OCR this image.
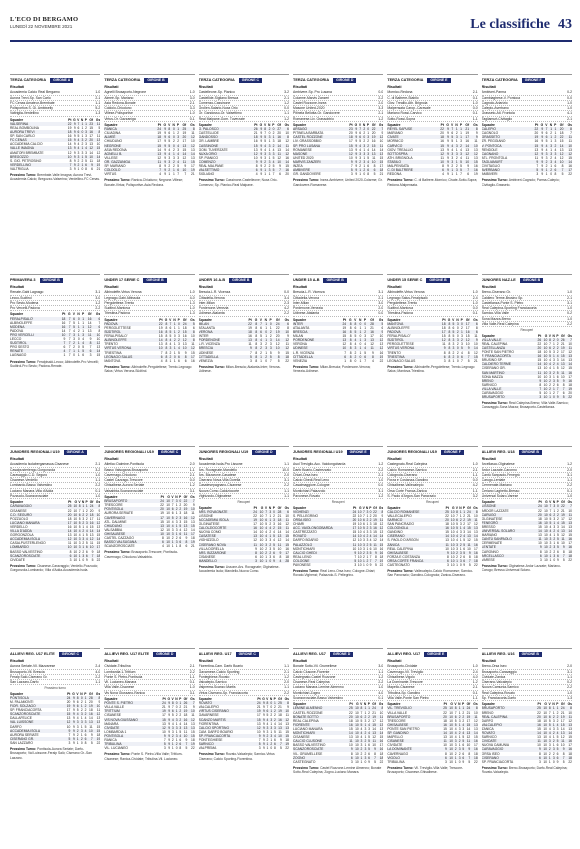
L'ECO DI BERGAMO
LUNEDÌ 22 NOVEMBRE 2021	Le classifiche 43
TERZA CATEGORIA	GIRONE A
Risultati
Accademia Calcio Real Bergamo	1-0
Aurora Trevi-Sp. San Carlo	2-1
FC Cenas Amateur-Brembate	1-1
Polisportiva S. Gi. Ambiwelly	5-2
Valtriglia-Verdellino	1-3
Squadre	Pt	G	V	N	P	Gf	Gs
VALSERINA	22	9	7	1	1	23	11
REAL BOMBOLINA	19	9	6	1	2	15	5
AURORA TREVI	18	9	6	0	3	16	8
SP. SAN CARLO	16	9	5	1	3	17	11
FC CENAS	15	9	4	3	2	20	13
ACCADEMIA CALCIO	14	9	4	2	3	13	10
VALLE IMAGNA	13	9	4	1	4	12	15
AMATORI BREMBATE	12	9	3	3	3	14	12
BREGOZZO	10	9	3	1	5	10	14
S. GIO. PETROSINO	8	9	2	2	5	11	18
VERDELLINO	7	9	2	1	6	9	19
VALTRIGLIA	3	9	1	0	8	6	21
Prossimo Turno: Brembate-Valle Imagna; Aurora Trevi-Accademia Calcio; Bregozzo-Valserina; Verdellino-FC Cenas.
TERZA CATEGORIA	GIRONE B
Risultati
Agnelli Brusaporto-Negrone	1-0
Almeè-Sp. Mariano	3-0
Asia Redona-Bonate	2-1
Coldolo-Chiuduno	3-3
Villese-Polisportive	1-0
Virtus-Or. Gazzaniga	0-1
Squadre	Pt	G	V	N	P	Gf	Gs
RANICA	24	9	8	0	1	25	8
CILIADINA	19	9	6	1	2	19	11
ALMEÈ	18	9	6	0	3	20	12
CHIUDUNO	17	9	5	2	2	17	10
NEGRONE	15	9	5	0	4	13	12
ASIA REDONA	14	9	4	2	3	15	13
AGNELLI B.	13	9	4	1	4	14	14
VILLESE	12	9	3	3	3	12	13
OR. GAZZANIGA	11	9	3	2	4	11	15
SP. MARIANO	8	9	2	2	5	9	17
COLDOLO	7	9	2	1	6	10	19
VIRTUS	4	9	1	1	7	7	21
Prossimo Turno: Ranica-Chiuduno; Negrone-Villese; Bonate-Virtus; Polisportive-Asia Redona.
TERZA CATEGORIA	GIRONE C
Risultati
Castelleone-Sp. Pianico	3-2
Castellide-Sigliano Bresca	2-1
Comenzo-Cassinone	1-2
Grollen-Salario-Nuxa Orio	0-0
Or. Gandosso-Or. Valsettimo	1-1
Real Malpane-Gom. Tuverzate	1-2
Squadre	Pt	G	V	N	P	Gf	Gs
O. PALOSCO	26	9	8	2	0	27	6
CASTELLIDE	21	9	7	0	2	20	10
GANDOSSO	18	9	5	3	1	16	8
OR. LAMBRE	16	9	5	1	3	18	12
CASSINONE	15	9	4	3	2	14	11
GOM. TUVERZATE	13	9	4	1	4	13	14
NUXA ORIO	12	9	3	3	3	11	12
SP. PIANICO	10	9	3	1	5	12	16
COMENZO	9	9	2	3	4	10	14
REAL MALPANE	8	9	2	2	5	9	15
VALSETTIMO	6	9	1	3	5	7	16
SIGLIANO	4	9	1	1	7	6	20
Prossimo Turno: Cassinone-Castelleone; Nuxa Orio-Comenzo; Sp. Pianico-Real Malpane.
TERZA CATEGORIA	GIRONE D
Risultati
Ambivere-Sp. Pro Lusana	0-0
Colarme-Marvis Zanzeri	2-2
Castel Rozzone-Inzea	2-0
Masone United-2020	3-3
Pitinela Bellotta-Gr. Gandovere	2-1
Romanese-Liv. Grassobbio	1-2
Squadre	Pt	G	V	N	P	Gf	Gs
ARSAGO	23	9	7	2	0	22	7
PITINELA BARBATA	20	9	6	2	1	20	9
CASTEL ROZZONE	18	9	6	0	3	19	12
LIV. GRASSOBBIO	17	9	5	2	2	16	10
SP. PRO LUSANA	15	9	4	3	2	15	11
ROMANESE	13	9	4	1	4	14	14
MASONE	12	9	3	3	3	13	13
UNITED 2020	10	9	3	1	5	11	15
MARVIS ZANZERI	9	9	2	3	4	10	15
INZEA	7	9	2	1	6	8	17
AMBIVERE	5	9	1	2	6	6	18
GR. GANDOVERE	3	9	1	0	8	5	21
Prossimo Turno: Inzea-Ambivere; United 2020-Colarme; Gr. Gandovere-Romanese.
TERZA CATEGORIA	GIRONE E
Risultati
Mornico-Redona	2-1
C. di Baltrere-Stabilo	0-1
Giov. Treallio-Ath. Brignola	1-0
Malpensata Carop.-Caravale	0-0
Mariano Rossi-Carvico	0-1
Sotto-Rossi-Sopra	1-1
Squadre	Pt	G	V	N	P	Gf	Gs
REYEL SAPUSE	22	9	7	1	1	21	8
MARIANO	20	9	6	2	1	19	9
CIVATE	18	9	5	3	1	17	9
MORNICO	16	9	5	1	3	16	11
CARVICO	15	9	4	3	2	14	10
GIOV. TREALLIO	13	9	4	1	4	13	13
SOTTOSPRA	12	9	3	3	3	12	12
ATH. BRIGNOLA	11	9	3	2	4	11	13
STABILO	10	9	3	1	5	10	15
MALPENSATA	8	9	2	2	5	9	16
C. DI BALTRERE	6	9	1	3	5	7	16
REDONA	4	9	1	1	7	6	19
Prossimo Turno: C. di Baltrere-Mornico; Civate-Sotto-Sopra; Redona-Malpensata.
TERZA CATEGORIA	GIRONE F
Risultati
Ambiveri-Parma	0-2
Cambiaghese-V. Pontoca	0-0
Cagnolo-Ariarizio	1-0
Calepio-Averbano	1-0
Grasseto-Atl. Frontola	4-1
Tagliamurt-Civitaglio	2-1
Squadre	Pt	G	V	N	P	Gf	Gs
CALEPIO	22	9	7	1	1	20	8
CAGNOLO	20	9	6	2	1	18	7
GRASSETO	19	9	6	1	2	22	11
ZR. PEGGIANO	16	9	5	1	3	15	11
V. PONTOCA	15	9	4	3	2	14	10
RENDOLE	13	9	4	1	4	13	13
CAGNANO	12	9	3	3	3	12	12
ATL. FRONTOLA	11	9	3	2	4	12	15
TAGLIAMURT	9	9	2	3	4	10	14
CIVITAGLIO	7	9	2	1	6	8	16
AVERBANO	5	9	1	2	6	7	17
AMBIVERI	3	9	1	0	8	5	22
Prossimo Turno: Ambiveri-Cagnolo; Parma-Calepio; Civitaglio-Grasseto.
PRIMAVERA 3	GIRONE B
Risultati
Renate-Gabi Lagnago	3-1
Lecco-Sudtirol	3-0
Pro Sesto-Modena	1-2
Pro Vercelli-Padova	2-2
Squadre	Pt	G	V	N	P	Gf	Gs
FERALPISALO'	18	7	6	0	1	16	6
ALBINOLEFFE	16	7	5	1	1	14	7
MODENA	16	7	5	1	1	12	6
PADOVA	14	7	4	2	1	13	8
PRO VERCELLI	10	7	3	1	3	11	10
LECCO	9	7	3	0	4	9	10
SUDTIROL	7	7	2	1	4	8	12
PRO SESTO	6	7	2	0	5	7	13
RENATE	4	7	1	1	5	6	14
LAGNAGO	1	7	0	1	6	3	15
Prossimo Turno: Feralpisalò-Lecco; Albinoleffe-Pro Vercelli; Sudtirol-Pro Sesto; Padova-Renate.
UNDER 17 SERIE C	GIRONE B
Risultati
Albinoleffe-Virtus Verona	1-0
Legnago-Gabi Albissola	4-0
Pergolettese-Trento	1-3
Sudtirol-Mantova	1-0
Triestina-Padova	1-3
Squadre	Pt	G	V	N	P	Gf	Gs
PADOVA	22	8	7	1	0	24	5
PERGOLETTESE	19	8	6	1	1	18	6
SÜDTIROL	16	8	5	1	2	15	8
FERALPISALO'	15	8	5	0	3	16	10
ALBINOLEFFE	14	8	4	2	2	12	8
TRENTO	13	8	4	1	3	13	11
VIRTUS VERONA	10	8	3	1	4	10	12
TRIESTINA	7	8	2	1	5	9	15
LEGNAGO SALUS	6	8	2	0	6	8	17
MANTOVA	4	8	1	1	6	6	16
Prossimo Turno: Albinoleffe-Pergolettese; Trento-Legnago Salus; Virtus Verona-Südtirol.
UNDER 16 A-B	GIRONE B
Risultati
Brescia-L.R. Vicenza	0-0
Cittadella-Verona	3-4
Inter-Milan	2-3
Pordenone-Venezia	4-2
Udinese-Atalanta	2-2
Squadre	Pt	G	V	N	P	Gf	Gs
MILAN	22	8	7	1	0	24	6
ATALANTA	19	8	6	1	1	22	8
VERONA	18	8	6	0	2	19	10
INTER	16	8	5	1	2	20	9
PORDENONE	13	8	4	1	3	14	12
L.R. VICENZA	11	8	3	2	3	12	11
BRESCIA	9	8	2	3	3	10	12
UDINESE	7	8	2	1	5	9	15
CITTADELLA	5	8	1	2	5	8	18
VENEZIA	3	8	1	0	7	5	22
Prossimo Turno: Milan-Brescia; Atalanta-Inter; Verona-Udinese.
UNDER 15 A-B	GIRONE B
Risultati
Brescia-L.R. Vicenza	3-1
Cittadella-Verona	2-1
Inter-Milan	3-0
Pordenone-Venezia	2-0
Udinese-Atalanta	0-0
Squadre	Pt	G	V	N	P	Gf	Gs
INTER	24	8	8	0	0	28	5
ATALANTA	19	8	6	1	1	21	6
BRESCIA	16	8	5	1	2	16	9
MILAN	15	8	5	0	3	17	10
PORDENONE	13	8	4	1	3	13	12
VERONA	12	8	4	0	4	12	13
UDINESE	10	8	3	1	4	11	12
L.R. VICENZA	7	8	2	1	5	9	16
CITTADELLA	6	8	2	0	6	8	19
VENEZIA	1	8	0	1	7	4	22
Prossimo Turno: Milan-Brescia; Pordenone-Verona; Venezia-Udinese.
UNDER 15 SERIE C	GIRONE B
Risultati
Albinoleffe-Virtus Verona	1-0
Legnago Salus-Feralpisalò	2-4
Pergolettese-Trento	1-0
Sudtirol-Mantova	0-0
Triestina-Padova	0-1
Squadre	Pt	G	V	N	P	Gf	Gs
MANTOVA	18	8	5	3	0	17	6
ALBINOLEFFE	18	8	6	0	2	17	8
PADOVA	17	8	5	2	1	16	6
FERALPISALO'	15	8	5	0	3	15	11
SÜDTIROL	12	8	3	3	2	12	9
PERGOLETTESE	11	8	3	2	3	10	10
VIRTUS VERONA	9	8	3	0	5	9	14
TRENTO	8	8	2	2	4	8	12
TRIESTINA	6	8	2	0	6	7	15
LEGNAGO SALUS	3	8	1	0	7	5	21
Prossimo Turno: Albinoleffe-Pergolettese; Trento-Legnago Salus; Mantova-Triestina.
JUNIORES NAZ.LE	GIRONE B
Risultati
Breno-Ciserano Gr.	1-0
Caldiero Terme-Brusino Sp.	2-1
Castellanza-Ponte S. Pietro	3-1
Real Calepina-Sporting Franciacorta	1-0
Sarnico-Villa Valle	0-2
Sona Mazza-Breno	1-0
Villa Valle-Real Calepina	2-2
Recuperi
Squadre	Pt	G	V	N	P	Gf	Gs
VILLA VALLE	26	10	8	2	0	26	7
REAL CALEPINA	22	10	7	1	2	21	10
CASTELLANZA	20	10	6	2	2	19	11
PONTE SAN PIETRO	18	10	5	3	2	17	12
F. FRANCIACORTA	16	10	5	1	4	15	13
BRUSINO SP.	15	10	4	3	3	14	13
CALDIERO TERME	14	10	4	2	4	13	14
CISERANO GR.	13	10	4	1	5	12	15
SAN MARTINO	11	10	3	2	5	11	16
SONA MAZZA	10	10	3	1	6	10	17
BRENO	9	10	2	3	5	9	16
SARNICO	8	10	2	2	6	8	18
VILLA VALLE	7	10	2	1	7	7	19
CARAVAGGIO	5	10	1	2	7	6	20
BRUSAPORTO	3	10	1	0	9	5	22
Prossimo Turno: Real Calepina-Breno; Villa Valle-Sarnico; Caravaggio-Sona Mazza; Brusaporto-Castellanza.
JUNIORES REGIONALI U19	GIRONE A
Risultati
Accademia Isolabergamasca-Cisanese	2-1
Casalpusterlengo-Gorgonzola	3-2
Caravaggio-C.D. Seguro	1-0
Cisanese-Verdello	1-1
Lombardo-Basso Valvestino	2-2
Luciano Manara-Villa d'Adda	0-1
Pozzuolo-Scanzorosciate	1-0
Squadre	Pt	G	V	N	P	Gf	Gs
CARAVAGGIO	25	10	8	1	1	24	8
CISANESE	22	10	7	1	2	20	9
C.D. SEGURO	20	10	6	2	2	18	10
POZZUOLO	18	10	5	3	2	17	11
LUCIANO MANARA	17	10	5	2	3	16	12
VERDELLO	16	10	5	1	4	15	13
VILLA D'ADDA	14	10	4	2	4	14	14
GORGONZOLA	13	10	4	1	5	13	15
ACCADEMIA ISOLA	12	10	3	3	4	12	14
CASALPUSTERLENGO	11	10	3	2	5	11	15
LOMBARDO	10	10	3	1	6	10	17
BASSO VALVESTINO	8	10	2	2	6	9	18
SCANZOROSCIATE	6	10	1	3	6	7	18
CIVIDATE	3	10	1	0	9	5	22
Prossimo Turno: Cisanese-Caravaggio; Verdello-Pozzuolo; Gorgonzola-Lombardo; Villa d'Adda-Accademia Isola.
JUNIORES REGIONALI U19	GIRONE C
Risultati
Atletico Dalmine-Pontisola	2-0
Basso Valsugana-Brusaporto	1-1
Cavernago-Chiuduno	2-1
Castel Cazzago-Trescore	0-0
Ghisalbese-Aurora Seriate	1-2
Valsabbia-Scanzorosciate	3-1
Squadre	Pt	G	V	N	P	Gf	Gs
BRUSAPORTO	24	10	7	3	0	22	7
TRESCORE	22	10	7	1	2	20	9
PONTISOLA	20	10	6	2	2	19	10
AURORA SERIATE	19	10	6	1	3	18	11
CAVERNAGO	17	10	5	2	3	16	12
ATL. DALMINE	15	10	4	3	3	15	13
CHIUDUNO	13	10	4	1	5	13	15
VALSABBIA	12	10	3	3	4	12	14
GHISALBESE	10	10	3	1	6	11	17
CASTEL CAZZAGO	8	10	2	2	6	9	18
BASSO VALSUGANA	6	10	1	3	6	8	19
SCANZOROSCIATE	4	10	1	1	8	6	21
Prossimo Turno: Brusaporto-Trescore; Pontisola-Cavernago; Chiuduno-Valsabbia.
JUNIORES REGIONALI U19	GIRONE D
Risultati
Accademia Isola-Pro Lissone	1-1
Ars. Rovagnate-Mandello	10-0
Ars. Bizzarone-Casatese	2-0
Ciserano Nova-Villa Dorella	3-1
Casatesepagnano-Cisanese	2-2
Nuova Como-Calolziocorte	1-1
Vighizzolo-Olginatese	1-1
Recuperi
Squadre	Pt	G	V	N	P	Gf	Gs
ARS. ROVAGNATE	24	10	7	3	0	28	6
LISSONE	22	10	7	1	2	21	10
ACCADEMIA ISOLA	19	10	6	1	3	18	11
OLGINATESE	17	10	5	2	3	16	12
CALOLZIOCORTE	16	10	4	4	2	15	11
NUOVA COMO	14	10	4	2	4	14	14
CASATESE	13	10	4	1	5	13	15
VIGHIZZOLO	12	10	3	3	4	12	14
CISERANO NOVA	11	10	3	2	5	11	15
VILLA DORELLA	9	10	2	3	5	10	16
ARS. BIZZARONE	8	10	2	2	6	9	17
CISANESE	6	10	1	3	6	8	18
MANDELLO	3	10	1	0	9	4	28
Prossimo Turno: Lissone-Ars. Rovagnate; Olginatese-Accademia Isola; Mandello-Nuova Como.
JUNIORES REGIONALI U19	GIRONE E
Risultati
Asol Treviglio-Acc. Vaiolongobarda	1-2
Darfo Boario-Castrezzato	2-2
Chiari-Orsa Iseo	2-1
Calcio Ghedi-Real Leno	1-0
Casalmaggiore-Cologne	0-0
Montichiari-Palazzolo	3-1
Pavonese-Rovato	1-2
Recuperi
Squadre	Pt	G	V	N	P	Gf	Gs
VIGHENZI	24	10	7	3	0	22	8
S. PELLEGRINO	22	10	7	1	2	20	9
ORSA ISEO	20	10	6	2	2	19	11
CHIARI	19	10	6	1	3	18	12
ACC. VAIOLONGOBARDA	17	10	5	2	3	16	12
CASTREZZATO	15	10	4	3	3	15	13
ROVATO	14	10	4	2	4	14	14
DARFO BOARIO	12	10	3	3	4	12	14
PALAZZOLO	11	10	3	2	5	11	15
MONTICHIARI	10	10	3	1	6	10	16
CALCIO GHEDI	9	10	2	3	5	9	16
REAL LENO	7	10	2	1	7	8	18
COLOGNE	5	10	1	2	7	7	19
PAVONESE	3	10	1	0	9	5	22
Prossimo Turno: Real Leno-Orsa Iseo; Cologne-Chiari; Rovato-Vighenzi; Palazzolo-S. Pellegrino.
JUNIORES REGIONALI U19	GIRONE F
Risultati
Castegnato-Real Calepina	1-0
Calcio Romanese-Sarnico	2-1
Colognola-Ciserano	1-1
Forza e Costanza-Gandino	0-0
Ghisalbese-Vallecalepio	4-2
Orsa Corte Franca-Zanica	1-1
S. Paolo d'Argon-San Pancrazio	3-2
Recuperi
Squadre	Pt	G	V	N	P	Gf	Gs
CALCIO ROMANESE	25	10	8	1	1	24	8
VALLECALEPIO	22	10	7	1	2	21	10
SARNICO	20	10	6	2	2	19	11
SAN PANCRAZIO	18	10	5	3	2	17	12
COLOGNOLA	16	10	5	1	4	15	13
GANDINO	15	10	4	3	3	14	13
CISERANO	14	10	4	2	4	13	14
S. PAOLO D'ARGON	13	10	4	1	5	12	15
ZANICA	11	10	3	2	5	11	16
REAL CALEPINA	10	10	3	1	6	10	17
GHISALBESE	9	10	2	3	5	9	16
FORZA E COSTANZA	8	10	2	2	6	8	18
ORSA CORTE FRANCA	6	10	1	3	6	7	18
CASTEGNATO	3	10	1	0	9	5	22
Prossimo Turno: Vallecalepio-Calcio Romanese; Sarnico-San Pancrazio; Gandino-Colognola; Zanica-Ciserano.
ALLIEVI REG. U18	GIRONE B
Risultati
Arcellasco-Olginatese	1-2
Ardor Lazzate-Caronno	2-0
Cantù Sanpaolo-Fenegrò	3-1
Carugo-Lentate	1-1
Cermenate-Mariano	2-2
Ceriano Laghetto-Bresso	0-1
Universal Solaro-Varese	1-0
Squadre	Pt	G	V	N	P	Gf	Gs
LISSONE	24	10	7	3	0	22	7
ARDOR LAZZATE	22	10	7	1	2	21	10
CARUGO	20	10	6	2	2	19	11
OLGINATESE	18	10	5	3	2	17	12
FENEGRÒ	16	10	5	1	4	15	13
BRESSO	15	10	4	3	3	14	13
UNIVERSAL SOLARO	14	10	4	2	4	13	14
MARIANO	13	10	4	1	5	12	15
CANTÙ SANPAOLO	11	10	3	2	5	11	16
CERMENATE	10	10	3	1	6	10	17
LENTATE	9	10	2	3	5	9	16
CARONNO	8	10	2	2	6	8	18
ARCELLASCO	6	10	1	3	6	7	18
VARESE	3	10	1	0	9	5	22
Prossimo Turno: Olginatese-Ardor Lazzate; Mariano-Carugo; Bresso-Universal Solaro.
ALLIEVI REG. U17 ELITE	GIRONE C
Risultati
Aurora Seriate-Vil. Mazzarese	2-4
Brusaporto-Vil. Brescia	4-0
Feralp Salò-Ciserano Gr.	2-2
San Lazzaro-Darfo	1-1
Prossimo turno
Squadre	Pt	G	V	N	P	Gf	Gs
PONTISOLA	24	9	8	0	1	28	8
M. PALAMONTI	20	9	6	2	1	20	9
FIOR. SOLZAGO	19	9	6	1	2	19	10
SP. FRANCIACORTA	17	9	5	2	2	18	11
SCANZOROSCIATE	15	9	4	3	2	16	12
DALLAFELICE	13	9	4	1	4	14	13
VAL LUISSONE	12	9	3	3	3	13	13
DARFO	10	9	3	1	5	11	15
ACCADEMIA ISOLA	9	9	2	3	4	10	15
AURORA SERIATE	7	9	2	1	6	9	18
CISERANO GR.	5	9	1	2	6	7	19
SAN LAZZARO	3	9	1	0	8	5	22
Prossimo Turno: Pontisola-Aurora Seriate; Darfo-Brusaporto; Val Luissone-Feralp Salò; Ciserano Gr.-San Lazzaro.
ALLIEVI REG. U17 ELITE	GIRONE D
Risultati
Cividate-Tribulina	2-1
Lombardia 1-Trittium	2-2
Ponte S. Pietro-Pontisola	1-1
Vil. Lucianeo-Manara	0-1
Villa Valle-Cisanese	1-0
Vis Nova Giussano-Ranica	3-1
Squadre	Pt	G	V	N	P	Gf	Gs
PONTE S. PIETRO	24	9	8	0	1	26	7
VILLA VALLE	21	9	7	0	2	21	9
TRITTIUM	19	9	6	1	2	19	10
CISANESE	17	9	5	2	2	18	11
VIS NOVA GIUSSANO	15	9	4	3	2	16	12
MANARA	13	9	4	1	4	14	13
CIVIDATE	12	9	3	3	3	13	13
LOMBARDIA 1	10	9	3	1	5	11	15
PONTISOLA	9	9	2	3	4	10	15
RANICA	7	9	2	1	6	9	18
TRIBULINA	5	9	1	2	6	7	19
VIL. LUCIANEO	3	9	1	0	8	5	22
Prossimo Turno: Ponte S. Pietro-Villa Valle; Trittium-Cisanese; Ranica-Cividate; Tribulina-Vil. Lucianeo.
ALLIEVI REG. U17	GIRONE C
Risultati
Fiorentina-Cam. Darfo Boario	1-1
Gavarnese-Calcio Sporting	2-1
Ponteghiese-Rovato	1-2
Valcalepio-Sarnico	2-0
Valprema-Scanzo Martis	1-1
Virtus Ciserano-Sp. Franciacorta	2-2
Squadre	Pt	G	V	N	P	Gf	Gs
ROVATO	24	9	8	0	1	25	8
VALCALEPIO	21	9	7	0	2	21	9
VIRTUS CISERANO	19	9	6	1	2	19	10
GAVARNESE	17	9	5	2	2	18	11
SCANZO MARTIS	15	9	4	3	2	16	12
FIORENTINA	13	9	4	1	4	14	13
CALCIO SPORTING	12	9	3	3	3	13	13
CAM. DARFO BOARIO	10	9	3	1	5	11	15
SP. FRANCIACORTA	9	9	2	3	4	10	15
PONTEGHIESE	7	9	2	1	6	9	18
SARNICO	5	9	1	2	6	7	19
VALPREMA	3	9	1	0	8	5	22
Prossimo Turno: Rovato-Valcalepio; Sarnico-Virtus Ciserano; Calcio Sporting-Fiorentina.
ALLIEVI REG. U17	GIRONE D
Risultati
Bonate Sotto-Vil. Grumellese	3-0
Calcio Clusone-Fiorente	1-1
Castegnato-Castel Rozzone	1-2
Cisanese-Real Calepina	2-2
Luciano Manara-Lemine Almenno	1-0
Montichiari-Zogno	4-0
Scanzorosciate-Basso Valvestino	0-1
Squadre	Pt	G	V	N	P	Gf	Gs
LEMINE ALMENNO	25	10	8	1	1	24	8
CASTEL ROZZONE	22	10	7	1	2	21	10
BONATE SOTTO	20	10	6	2	2	19	11
REAL CALEPINA	18	10	5	3	2	17	12
FIORENTE	16	10	5	1	4	15	13
LUCIANO MANARA	15	10	4	3	3	14	13
MONTICHIARI	14	10	4	2	4	13	14
CISANESE	13	10	4	1	5	12	15
CALCIO CLUSONE	11	10	3	2	5	11	16
BASSO VALVESTINO	10	10	3	1	6	10	17
SCANZOROSCIATE	9	10	2	3	5	9	16
VIL. GRUMELLESE	8	10	2	2	6	8	18
ZOGNO	6	10	1	3	6	7	18
CASTEGNATO	3	10	1	0	9	5	22
Prossimo Turno: Castel Rozzone-Lemine Almenno; Bonate Sotto-Real Calepina; Zogno-Luciano Manara.
ALLIEVI REG. U17	GIRONE E
Risultati
Brusaporto-Cividate	1-0
Cavernago-Vil. Treviglio	2-4
Ghisalbese-Vigolo	4-0
La Dominante-Trescore	1-2
Mapello-Cisanese	2-1
Tribulina-Sp. Gandino	0-1
Villa Valle-Ponte San Pietro	1-1
Squadre	Pt	G	V	N	P	Gf	Gs
VIL. TREVIGLIO	25	10	8	1	1	24	8
VILLA VALLE	22	10	7	1	2	21	10
BRUSAPORTO	20	10	6	2	2	19	11
TRESCORE	18	10	5	3	2	17	12
GHISALBESE	16	10	5	1	4	15	13
PONTE SAN PIETRO	15	10	4	3	3	14	13
SP. GANDINO	14	10	4	2	4	13	14
MAPELLO	13	10	4	1	5	12	15
CISANESE	11	10	3	2	5	11	16
CIVIDATE	10	10	3	1	6	10	17
LA DOMINANTE	9	10	2	3	5	9	16
CAVERNAGO	8	10	2	2	6	8	18
VIGOLO	6	10	1	3	6	7	18
TRIBULINA	3	10	1	0	9	5	22
Prossimo Turno: Vil. Treviglio-Villa Valle; Trescore-Brusaporto; Cisanese-Ghisalbese.
ALLIEVI REG. U16	GIRONE B
Risultati
Breno-Orsa Iseo	2-0
Brusaporto-Caravaggio	3-1
Cividate-Zanica	1-1
Ciserano-Valcalepio	0-2
Nuova Camunia-Sarnico	2-2
Real Calepina-Rovato	1-0
Sp. Franciacorta-Darfo	1-3
Squadre	Pt	G	V	N	P	Gf	Gs
BRUSAPORTO	25	10	8	1	1	24	8
BRENO	22	10	7	1	2	21	10
REAL CALEPINA	20	10	6	2	2	19	11
DARFO	18	10	5	3	2	17	12
VALCALEPIO	16	10	5	1	4	15	13
ZANICA	15	10	4	3	3	14	13
ROVATO	14	10	4	2	4	13	14
SARNICO	13	10	4	1	5	12	15
CIVIDATE	11	10	3	2	5	11	16
NUOVA CAMUNIA	10	10	3	1	6	10	17
CARAVAGGIO	9	10	2	3	5	9	16
ORSA ISEO	8	10	2	2	6	8	18
CISERANO	6	10	1	3	6	7	18
SP. FRANCIACORTA	3	10	1	0	9	5	22
Prossimo Turno: Breno-Brusaporto; Darfo-Real Calepina; Rovato-Valcalepio.
